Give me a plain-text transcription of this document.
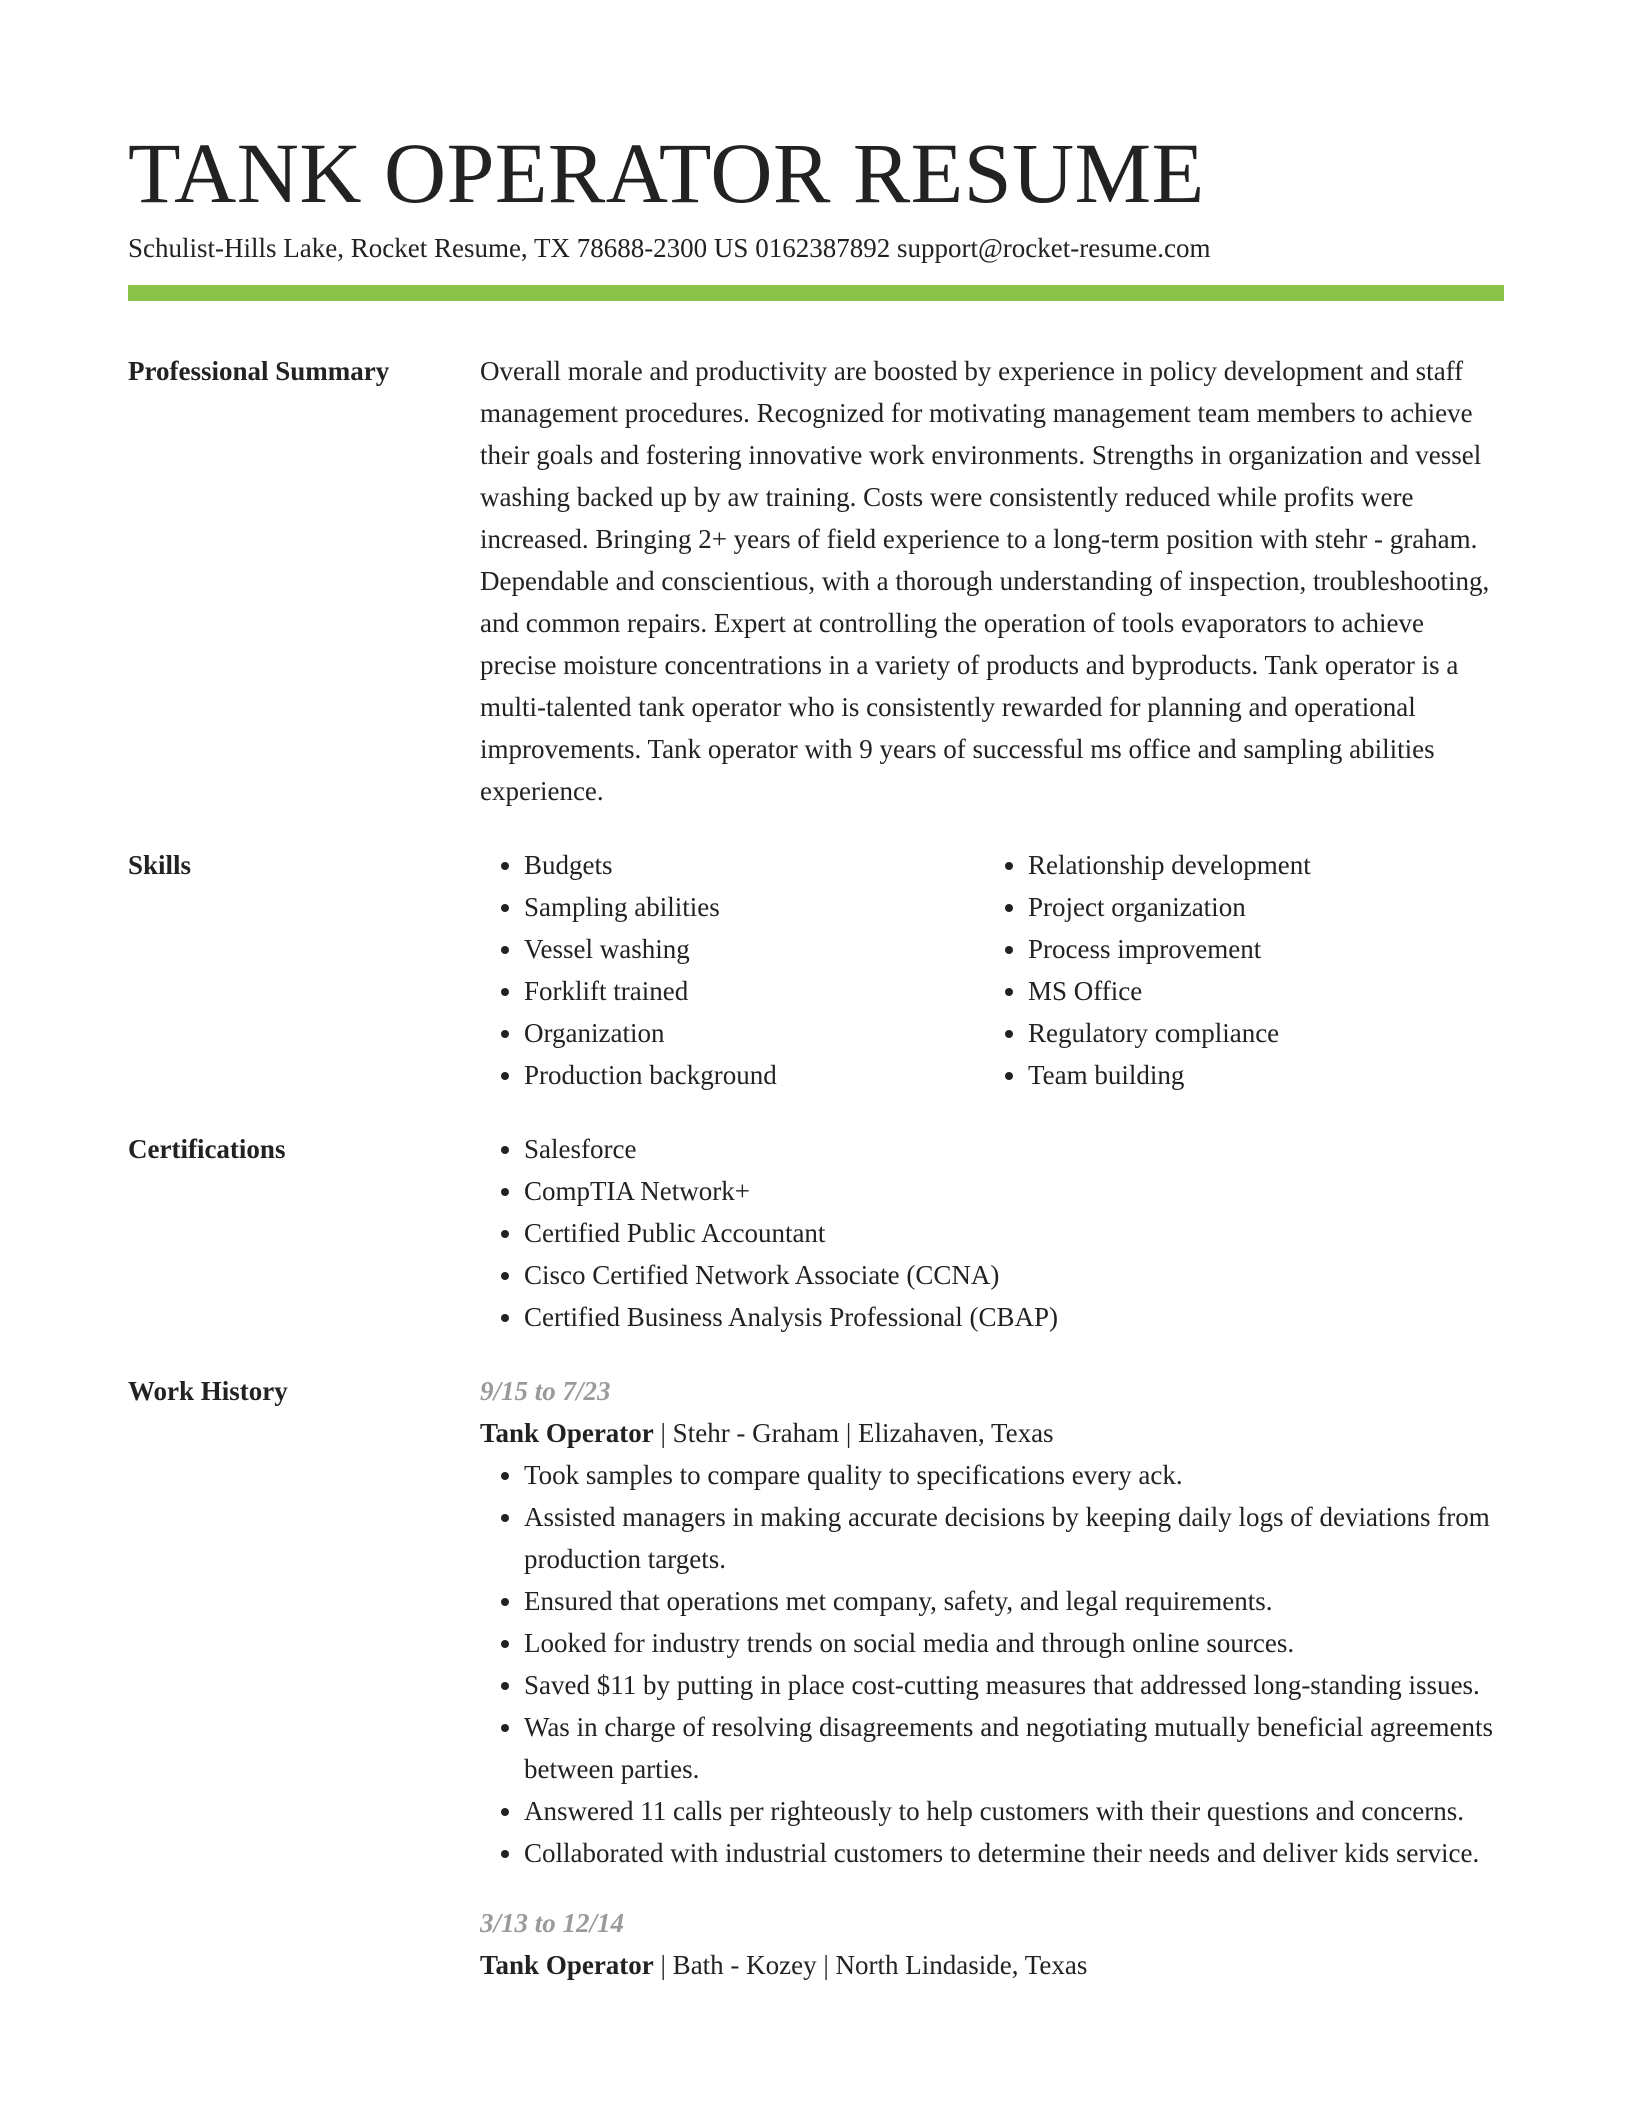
TANK OPERATOR RESUME
Schulist-Hills Lake, Rocket Resume, TX 78688-2300 US 0162387892 support@rocket-resume.com
Professional Summary	Overall morale and productivity are boosted by experience in policy development and staff management procedures. Recognized for motivating management team members to achieve their goals and fostering innovative work environments. Strengths in organization and vessel washing backed up by aw training. Costs were consistently reduced while profits were increased. Bringing 2+ years of field experience to a long-term position with stehr - graham. Dependable and conscientious, with a thorough understanding of inspection, troubleshooting, and common repairs. Expert at controlling the operation of tools evaporators to achieve precise moisture concentrations in a variety of products and byproducts. Tank operator is a multi-talented tank operator who is consistently rewarded for planning and operational improvements. Tank operator with 9 years of successful ms office and sampling abilities experience.

Skills	• Budgets
• Sampling abilities
• Vessel washing
• Forklift trained
• Organization
• Production background
• Relationship development
• Project organization
• Process improvement
• MS Office
• Regulatory compliance
• Team building
Certifications	• Salesforce
• CompTIA Network+
• Certified Public Accountant
• Cisco Certified Network Associate (CCNA)
• Certified Business Analysis Professional (CBAP)
Work History	9/15 to 7/23
Tank Operator | Stehr - Graham | Elizahaven, Texas
• Took samples to compare quality to specifications every ack.
• Assisted managers in making accurate decisions by keeping daily logs of deviations from production targets.
• Ensured that operations met company, safety, and legal requirements.
• Looked for industry trends on social media and through online sources.
• Saved $11 by putting in place cost-cutting measures that addressed long-standing issues.
• Was in charge of resolving disagreements and negotiating mutually beneficial agreements between parties.
• Answered 11 calls per righteously to help customers with their questions and concerns.
• Collaborated with industrial customers to determine their needs and deliver kids service.
3/13 to 12/14
Tank Operator | Bath - Kozey | North Lindaside, Texas
